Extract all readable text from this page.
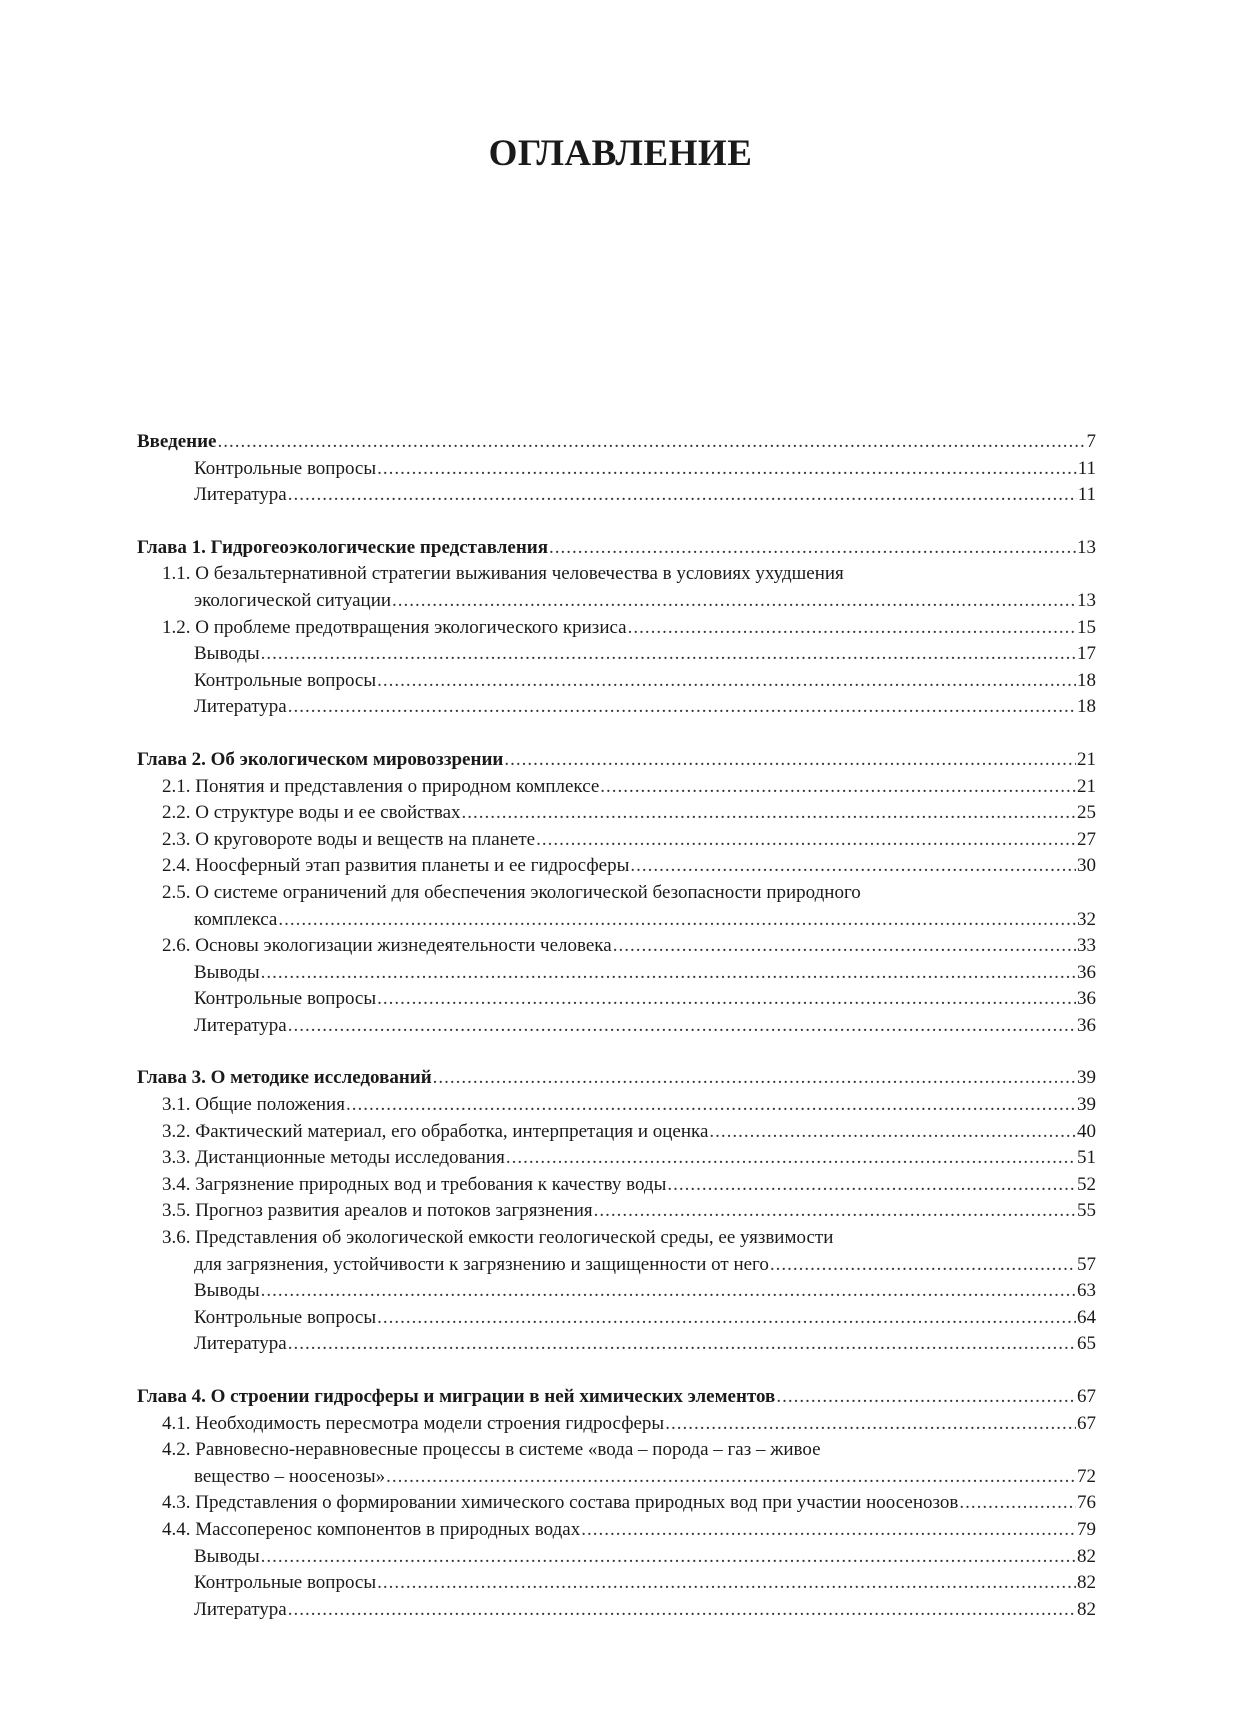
ОГЛАВЛЕНИЕ
Введение .....	7
Контрольные вопросы .....	11
Литература .....	11
Глава 1. Гидрогеоэкологические представления .....	13
1.1. О безальтернативной стратегии выживания человечества в условиях ухудшения
экологической ситуации .....	13
1.2. О проблеме предотвращения экологического кризиса .....	15
Выводы .....	17
Контрольные вопросы .....	18
Литература .....	18
Глава 2. Об экологическом мировоззрении .....	21
2.1. Понятия и представления о природном комплексе .....	21
2.2. О структуре воды и ее свойствах .....	25
2.3. О круговороте воды и веществ на планете .....	27
2.4. Ноосферный этап развития планеты и ее гидросферы .....	30
2.5. О системе ограничений для обеспечения экологической безопасности природного
комплекса .....	32
2.6. Основы экологизации жизнедеятельности человека .....	33
Выводы .....	36
Контрольные вопросы .....	36
Литература .....	36
Глава 3. О методике исследований .....	39
3.1. Общие положения .....	39
3.2. Фактический материал, его обработка, интерпретация и оценка .....	40
3.3. Дистанционные методы исследования .....	51
3.4. Загрязнение природных вод и требования к качеству воды .....	52
3.5. Прогноз развития ареалов и потоков загрязнения .....	55
3.6. Представления об экологической емкости геологической среды, ее уязвимости
для загрязнения, устойчивости к загрязнению и защищенности от него .....	57
Выводы .....	63
Контрольные вопросы .....	64
Литература .....	65
Глава 4. О строении гидросферы и миграции в ней химических элементов .....	67
4.1. Необходимость пересмотра модели строения гидросферы .....	67
4.2. Равновесно-неравновесные процессы в системе «вода – порода – газ – живое
вещество – ноосенозы» .....	72
4.3. Представления о формировании химического состава природных вод при участии ноосенозов .....	76
4.4. Массоперенос компонентов в природных водах .....	79
Выводы .....	82
Контрольные вопросы .....	82
Литература .....	82
